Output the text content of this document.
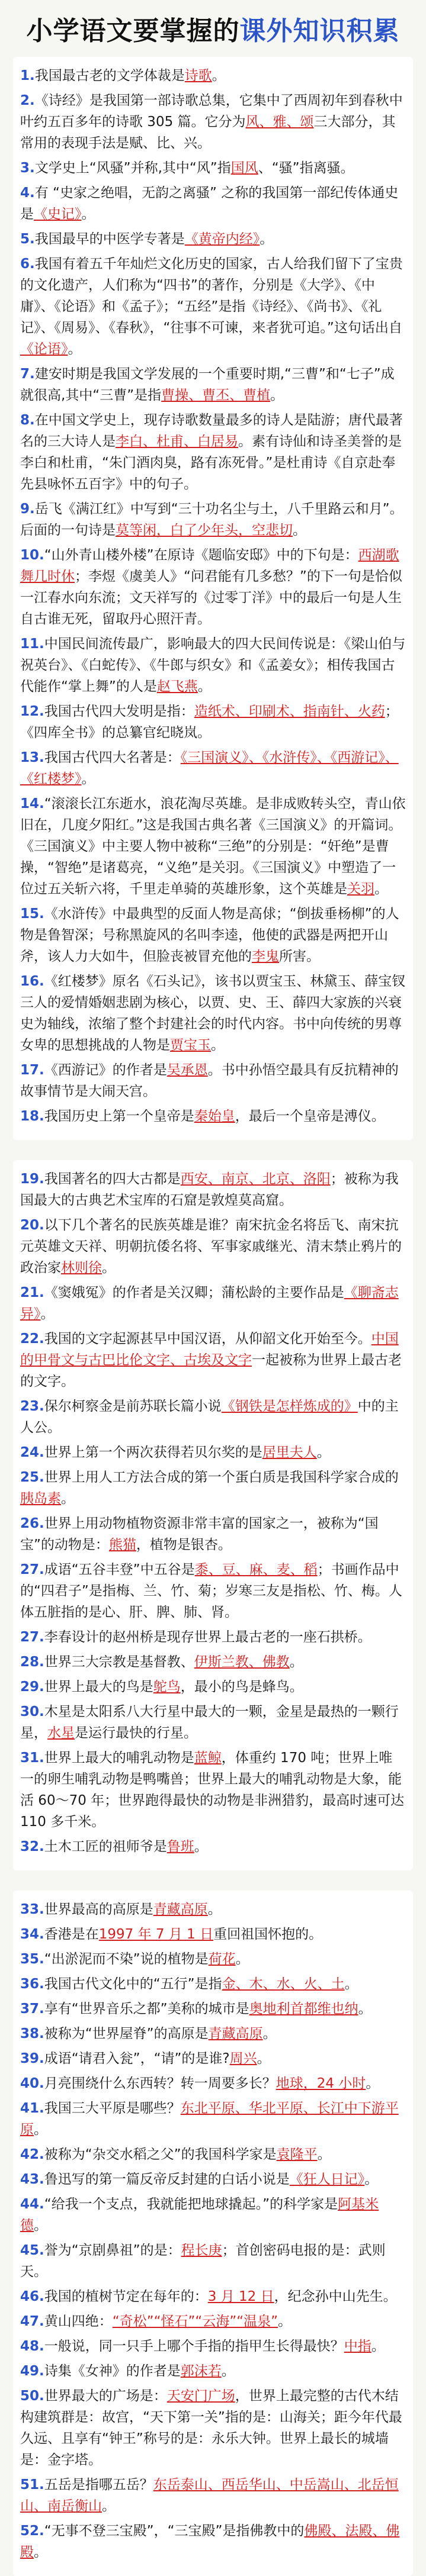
小学语文要掌握的 课外知识积累

1.我国最古老的文学体裁是诗歌。

2.《诗经》是我国第一部诗歌总集，它集中了西周初年到春秋中叶约五百多年的诗歌 305 篇。它分为风、雅、颂三大部分，其常用的表现手法是赋、比、兴。

3.文学史上“风骚”并称,其中“风”指国风、“骚”指离骚。

4.有 “史家之绝唱，无韵之离骚” 之称的我国第一部纪传体通史是《史记》。

5.我国最早的中医学专著是《黄帝内经》。

6.我国有着五千年灿烂文化历史的国家，古人给我们留下了宝贵的文化遗产，人们称为“四书”的著作，分别是《大学》、《中庸》、《论语》和《孟子》；“五经”是指《诗经》、《尚书》、《礼记》、《周易》、《春秋》，“往事不可谏，来者犹可追。”这句话出自《论语》。

7.建安时期是我国文学发展的一个重要时期,“三曹”和“七子”成就很高,其中“三曹”是指曹操、曹丕、曹植。

8.在中国文学史上，现存诗歌数量最多的诗人是陆游；唐代最著名的三大诗人是李白、杜甫、白居易。素有诗仙和诗圣美誉的是李白和杜甫，“朱门酒肉臭，路有冻死骨。”是杜甫诗《自京赴奉先县咏怀五百字》中的句子。

9.岳飞《满江红》中写到“三十功名尘与土，八千里路云和月”。后面的一句诗是莫等闲，白了少年头，空悲切。

10.“山外青山楼外楼”在原诗《题临安邸》中的下句是：西湖歌舞几时休；李煜《虞美人》“问君能有几多愁？”的下一句是恰似一江春水向东流；文天祥写的《过零丁洋》中的最后一句是人生自古谁无死，留取丹心照汗青。

11.中国民间流传最广，影响最大的四大民间传说是：《梁山伯与祝英台》、《白蛇传》、《牛郎与织女》和《孟姜女》；相传我国古代能作“掌上舞”的人是赵飞燕。

12.我国古代四大发明是指：造纸术、印刷术、指南针、火药；《四库全书》的总纂官纪晓岚。

13.我国古代四大名著是：《三国演义》、《水浒传》、《西游记》、《红楼梦》。

14.“滚滚长江东逝水，浪花淘尽英雄。是非成败转头空，青山依旧在，几度夕阳红。”这是我国古典名著《三国演义》的开篇词。《三国演义》中主要人物中被称“三绝”的分别是：“奸绝”是曹操，“智绝”是诸葛亮，“义绝”是关羽。《三国演义》中塑造了一位过五关斩六将，千里走单骑的英雄形象，这个英雄是关羽。

15.《水浒传》中最典型的反面人物是高俅；“倒拔垂杨柳”的人物是鲁智深；号称黑旋风的名叫李逵，他使的武器是两把开山斧，该人力大如牛，但脸丧被冒充他的李鬼所害。

16.《红楼梦》原名《石头记》，该书以贾宝玉、林黛玉、薛宝钗三人的爱情婚姻悲剧为核心，以贾、史、王、薛四大家族的兴衰史为轴线，浓缩了整个封建社会的时代内容。书中向传统的男尊女卑的思想挑战的人物是贾宝玉。

17.《西游记》的作者是吴承恩。书中孙悟空最具有反抗精神的故事情节是大闹天宫。

18.我国历史上第一个皇帝是秦始皇，最后一个皇帝是溥仪。

19.我国著名的四大古都是西安、南京、北京、洛阳；被称为我国最大的古典艺术宝库的石窟是敦煌莫高窟。

20.以下几个著名的民族英雄是谁？南宋抗金名将岳飞、南宋抗元英雄文天祥、明朝抗倭名将、军事家戚继光、清末禁止鸦片的政治家林则徐。

21.《窦娥冤》的作者是关汉卿；蒲松龄的主要作品是《聊斋志异》。

22.我国的文字起源甚早中国汉语，从仰韶文化开始至今。中国的甲骨文与古巴比伦文字、古埃及文字一起被称为世界上最古老的文字。

23.保尔柯察金是前苏联长篇小说《钢铁是怎样炼成的》中的主人公。

24.世界上第一个两次获得若贝尔奖的是居里夫人。

25.世界上用人工方法合成的第一个蛋白质是我国科学家合成的胰岛素。

26.世界上用动物植物资源非常丰富的国家之一，被称为“国宝”的动物是：熊猫，植物是银杏。

27.成语“五谷丰登”中五谷是黍、豆、麻、麦、稻；书画作品中的“四君子”是指梅、兰、竹、菊；岁寒三友是指松、竹、梅。人体五脏指的是心、肝、脾、肺、肾。

27.李春设计的赵州桥是现存世界上最古老的一座石拱桥。

28.世界三大宗教是基督教、伊斯兰教、佛教。

29.世界上最大的鸟是鸵鸟，最小的鸟是蜂鸟。

30.木星是太阳系八大行星中最大的一颗，金星是最热的一颗行星，水星是运行最快的行星。

31.世界上最大的哺乳动物是蓝鲸，体重约 170 吨；世界上唯一的卵生哺乳动物是鸭嘴兽；世界上最大的哺乳动物是大象，能活 60～70 年；世界跑得最快的动物是非洲猎豹，最高时速可达 110 多千米。

32.土木工匠的祖师爷是鲁班。

33.世界最高的高原是青藏高原。

34.香港是在1997 年 7 月 1 日重回祖国怀抱的。

35.“出淤泥而不染”说的植物是荷花。

36.我国古代文化中的“五行”是指金、木、水、火、土。

37.享有“世界音乐之都”美称的城市是奥地利首都维也纳。

38.被称为“世界屋脊”的高原是青藏高原。

39.成语“请君入瓮”，“请”的是谁?周兴。

40.月亮围绕什么东西转？转一周要多长？地球，24 小时。

41.我国三大平原是哪些？东北平原、华北平原、长江中下游平原。

42.被称为“杂交水稻之父”的我国科学家是袁隆平。

43.鲁迅写的第一篇反帝反封建的白话小说是《狂人日记》。

44.“给我一个支点，我就能把地球撬起。”的科学家是阿基米德。

45.誉为“京剧鼻祖”的是：程长庚；首创密码电报的是：武则天。

46.我国的植树节定在每年的：3 月 12 日，纪念孙中山先生。

47.黄山四绝：“奇松”“怪石”“云海”“温泉”。

48.一般说，同一只手上哪个手指的指甲生长得最快？中指。

49.诗集《女神》的作者是郭沫若。

50.世界最大的广场是：天安门广场，世界上最完整的古代木结构建筑群是：故宫，“天下第一关”指的是：山海关；距今年代最久远、且享有“钟王”称号的是：永乐大钟。世界上最长的城墙是：金字塔。

51.五岳是指哪五岳？东岳泰山、西岳华山、中岳嵩山、北岳恒山、南岳衡山。

52.“无事不登三宝殿”，“三宝殿”是指佛教中的佛殿、法殿、佛殿。
